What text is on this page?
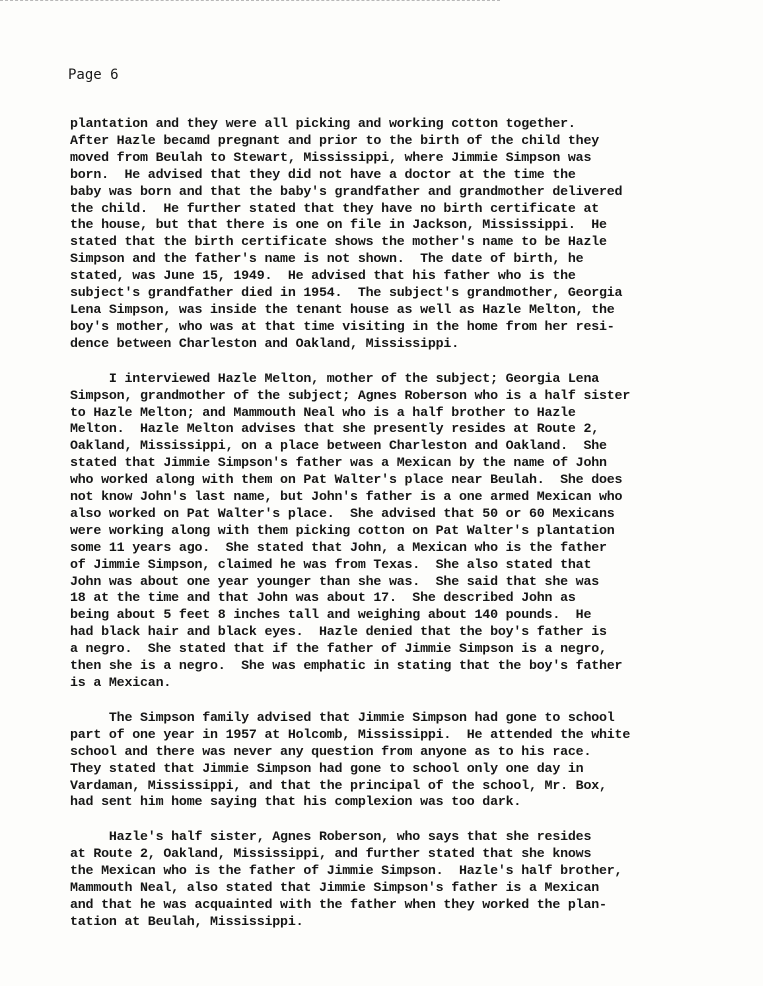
Page 6
plantation and they were all picking and working cotton together.
After Hazle becamd pregnant and prior to the birth of the child they
moved from Beulah to Stewart, Mississippi, where Jimmie Simpson was
born.  He advised that they did not have a doctor at the time the
baby was born and that the baby's grandfather and grandmother delivered
the child.  He further stated that they have no birth certificate at
the house, but that there is one on file in Jackson, Mississippi.  He
stated that the birth certificate shows the mother's name to be Hazle
Simpson and the father's name is not shown.  The date of birth, he
stated, was June 15, 1949.  He advised that his father who is the
subject's grandfather died in 1954.  The subject's grandmother, Georgia
Lena Simpson, was inside the tenant house as well as Hazle Melton, the
boy's mother, who was at that time visiting in the home from her resi-
dence between Charleston and Oakland, Mississippi.
I interviewed Hazle Melton, mother of the subject; Georgia Lena
Simpson, grandmother of the subject; Agnes Roberson who is a half sister
to Hazle Melton; and Mammouth Neal who is a half brother to Hazle
Melton.  Hazle Melton advises that she presently resides at Route 2,
Oakland, Mississippi, on a place between Charleston and Oakland.  She
stated that Jimmie Simpson's father was a Mexican by the name of John
who worked along with them on Pat Walter's place near Beulah.  She does
not know John's last name, but John's father is a one armed Mexican who
also worked on Pat Walter's place.  She advised that 50 or 60 Mexicans
were working along with them picking cotton on Pat Walter's plantation
some 11 years ago.  She stated that John, a Mexican who is the father
of Jimmie Simpson, claimed he was from Texas.  She also stated that
John was about one year younger than she was.  She said that she was
18 at the time and that John was about 17.  She described John as
being about 5 feet 8 inches tall and weighing about 140 pounds.  He
had black hair and black eyes.  Hazle denied that the boy's father is
a negro.  She stated that if the father of Jimmie Simpson is a negro,
then she is a negro.  She was emphatic in stating that the boy's father
is a Mexican.
The Simpson family advised that Jimmie Simpson had gone to school
part of one year in 1957 at Holcomb, Mississippi.  He attended the white
school and there was never any question from anyone as to his race.
They stated that Jimmie Simpson had gone to school only one day in
Vardaman, Mississippi, and that the principal of the school, Mr. Box,
had sent him home saying that his complexion was too dark.
Hazle's half sister, Agnes Roberson, who says that she resides
at Route 2, Oakland, Mississippi, and further stated that she knows
the Mexican who is the father of Jimmie Simpson.  Hazle's half brother,
Mammouth Neal, also stated that Jimmie Simpson's father is a Mexican
and that he was acquainted with the father when they worked the plan-
tation at Beulah, Mississippi.
